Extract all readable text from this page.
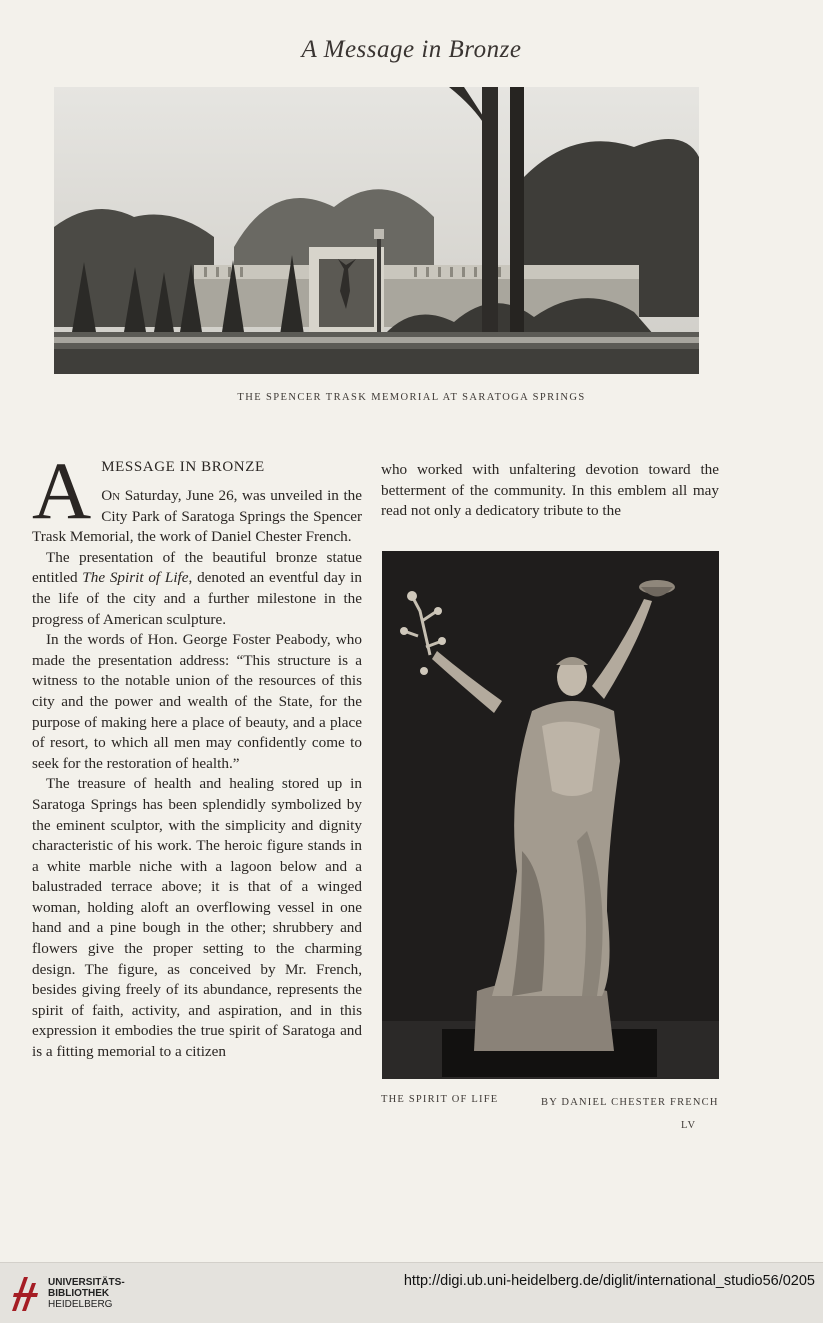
A Message in Bronze
THE SPENCER TRASK MEMORIAL AT SARATOGA SPRINGS
A MESSAGE IN BRONZE

On Saturday, June 26, was unveiled in the City Park of Saratoga Springs the Spencer Trask Memorial, the work of Daniel Chester French.

The presentation of the beautiful bronze statue entitled The Spirit of Life, denoted an eventful day in the life of the city and a further milestone in the progress of American sculpture.

In the words of Hon. George Foster Peabody, who made the presentation address: “This structure is a witness to the notable union of the resources of this city and the power and wealth of the State, for the purpose of making here a place of beauty, and a place of resort, to which all men may confidently come to seek for the restoration of health.”

The treasure of health and healing stored up in Saratoga Springs has been splendidly symbolized by the eminent sculptor, with the simplicity and dignity characteristic of his work. The heroic figure stands in a white marble niche with a lagoon below and a balustraded terrace above; it is that of a winged woman, holding aloft an overflowing vessel in one hand and a pine bough in the other; shrubbery and flowers give the proper setting to the charming design. The figure, as conceived by Mr. French, besides giving freely of its abundance, represents the spirit of faith, activity, and aspiration, and in this expression it embodies the true spirit of Saratoga and is a fitting memorial to a citizen

who worked with unfaltering devotion toward the betterment of the community. In this emblem all may read not only a dedicatory tribute to the

THE SPIRIT OF LIFE	BY DANIEL CHESTER FRENCH
LV
UNIVERSITÄTS-
BIBLIOTHEK
HEIDELBERG
http://digi.ub.uni-heidelberg.de/diglit/international_studio56/0205
